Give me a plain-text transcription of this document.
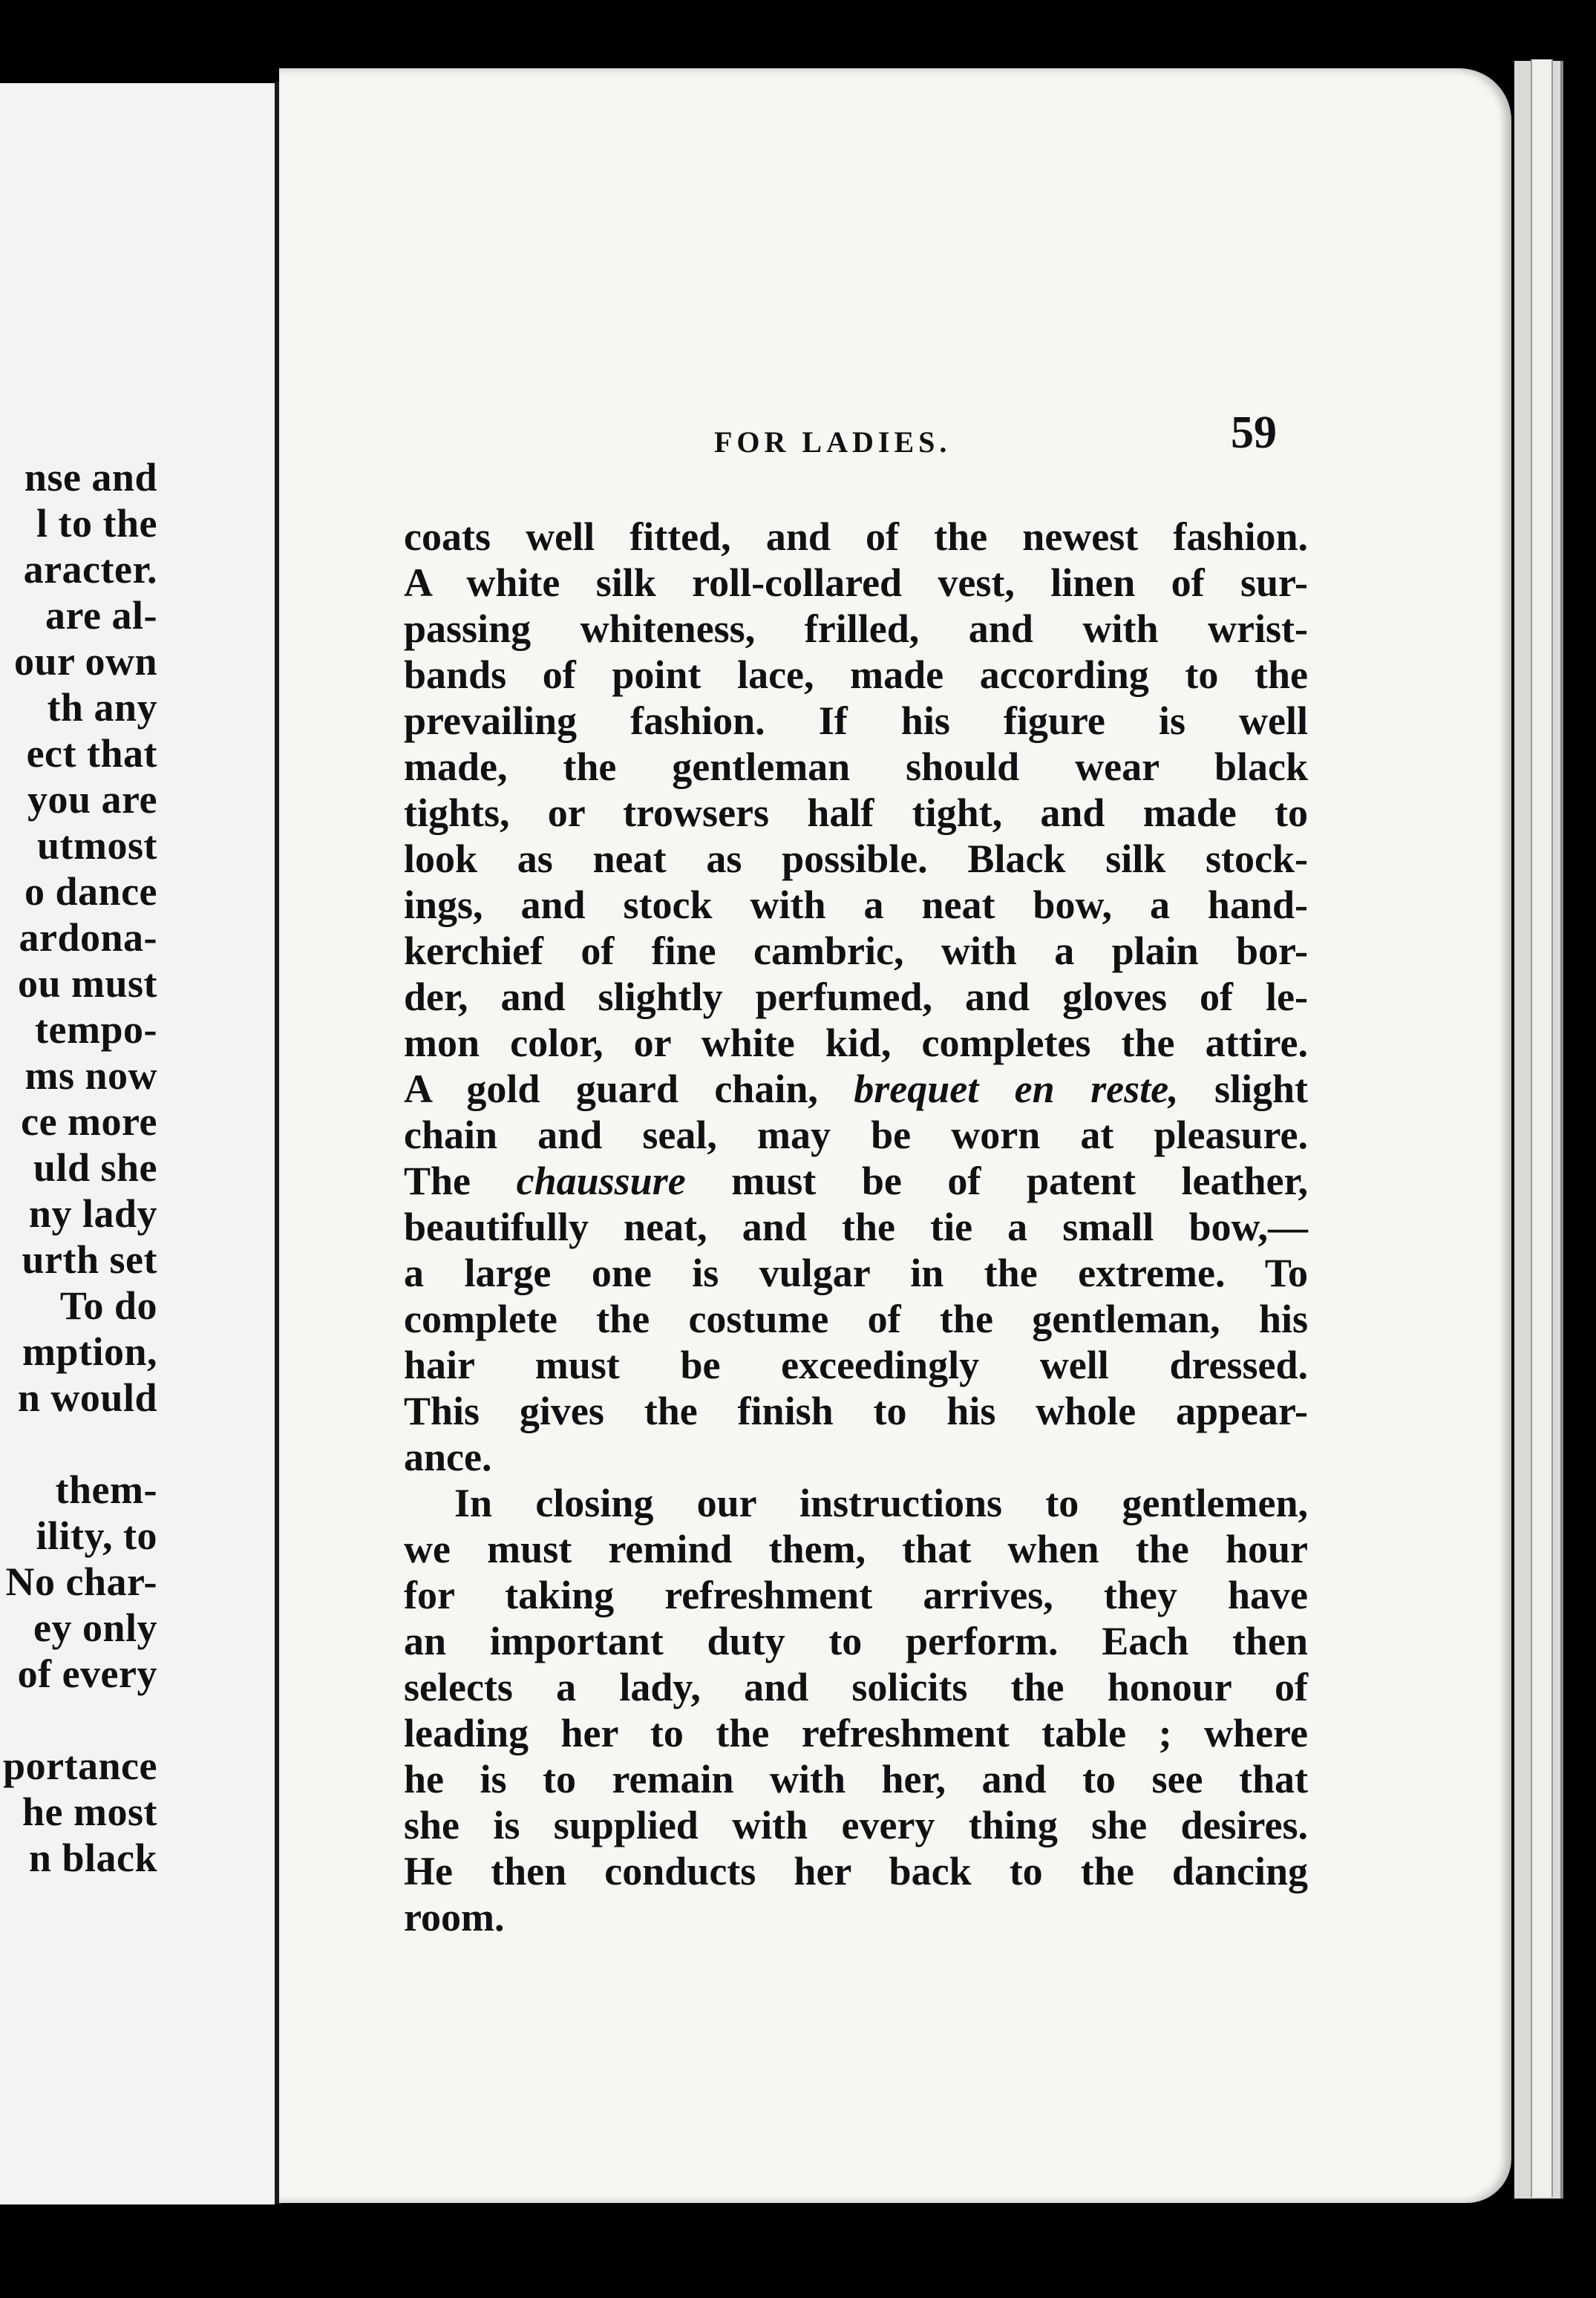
nse and
l to the
aracter.
are al-
our own
th any
ect that
you are
utmost
o dance
ardona-
ou must
tempo-
ms now
ce more
uld she
ny lady
urth set
To do
mption,
n would
them-
ility, to
No char-
ey only
of every
portance
he most
n black
FOR LADIES.	59
coats well fitted, and of the newest fashion.
A white silk roll-collared vest, linen of sur-
passing whiteness, frilled, and with wrist-
bands of point lace, made according to the
prevailing fashion. If his figure is well
made, the gentleman should wear black
tights, or trowsers half tight, and made to
look as neat as possible. Black silk stock-
ings, and stock with a neat bow, a hand-
kerchief of fine cambric, with a plain bor-
der, and slightly perfumed, and gloves of le-
mon color, or white kid, completes the attire.
A gold guard chain, brequet en reste, slight
chain and seal, may be worn at pleasure.
The chaussure must be of patent leather,
beautifully neat, and the tie a small bow,—
a large one is vulgar in the extreme. To
complete the costume of the gentleman, his
hair must be exceedingly well dressed.
This gives the finish to his whole appear-
ance.
In closing our instructions to gentlemen,
we must remind them, that when the hour
for taking refreshment arrives, they have
an important duty to perform. Each then
selects a lady, and solicits the honour of
leading her to the refreshment table ; where
he is to remain with her, and to see that
she is supplied with every thing she desires.
He then conducts her back to the dancing
room.
